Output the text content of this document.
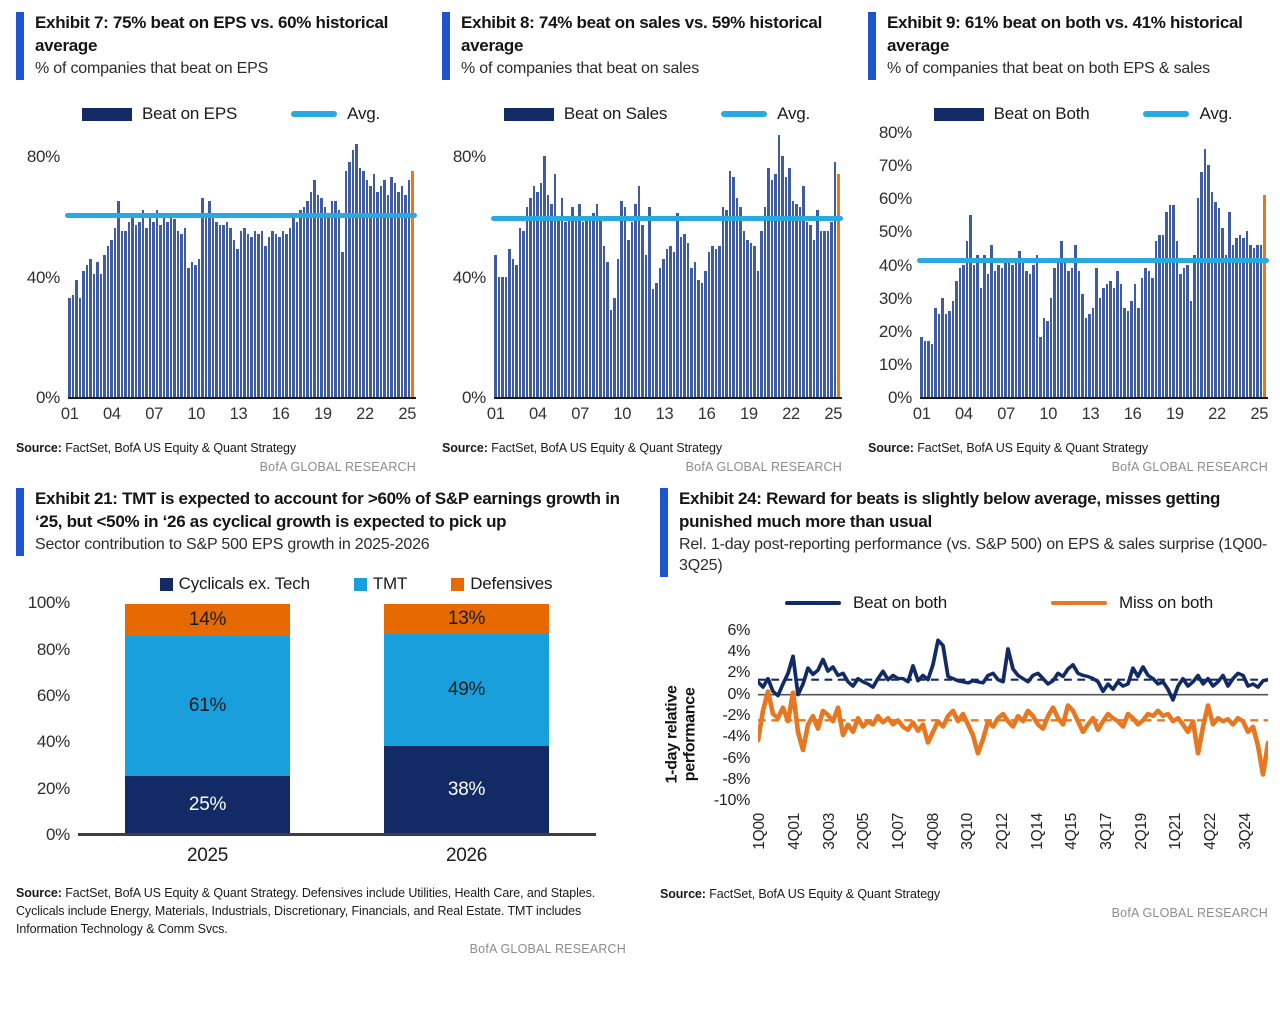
Exhibit 7: 75% beat on EPS vs. 60% historical average
% of companies that beat on EPS
Beat on EPS	Avg.
0%
40%
80%
01 04 07 10 13 16 19 22 25
Source: FactSet, BofA US Equity & Quant Strategy
BofA GLOBAL RESEARCH
Exhibit 8: 74% beat on sales vs. 59% historical average
% of companies that beat on sales
Beat on Sales	Avg.
0%
40%
80%
01 04 07 10 13 16 19 22 25
Source: FactSet, BofA US Equity & Quant Strategy
BofA GLOBAL RESEARCH
Exhibit 9: 61% beat on both vs. 41% historical average
% of companies that beat on both EPS & sales
Beat on Both	Avg.
0%
10%
20%
30%
40%
50%
60%
70%
80%
01 04 07 10 13 16 19 22 25
Source: FactSet, BofA US Equity & Quant Strategy
BofA GLOBAL RESEARCH
Exhibit 21: TMT is expected to account for >60% of S&P earnings growth in ‘25, but <50% in ‘26 as cyclical growth is expected to pick up
Sector contribution to S&P 500 EPS growth in 2025-2026
Cyclicals ex. Tech	TMT	Defensives
0%
20%
40%
60%
80%
100%
25%
61%
14%
38%
49%
13%
2025	2026
Source: FactSet, BofA US Equity & Quant Strategy. Defensives include Utilities, Health Care, and Staples. Cyclicals include Energy, Materials, Industrials, Discretionary, Financials, and Real Estate. TMT includes Information Technology & Comm Svcs.
BofA GLOBAL RESEARCH
Exhibit 24: Reward for beats is slightly below average, misses getting punished much more than usual
Rel. 1-day post-reporting performance (vs. S&P 500) on EPS & sales surprise (1Q00-3Q25)
Beat on both	Miss on both
1-day relative performance
6%
4%
2%
0%
-2%
-4%
-6%
-8%
-10%
1Q00 4Q01 3Q03 2Q05 1Q07 4Q08 3Q10 2Q12 1Q14 4Q15 3Q17 2Q19 1Q21 4Q22 3Q24
Source: FactSet, BofA US Equity & Quant Strategy
BofA GLOBAL RESEARCH
